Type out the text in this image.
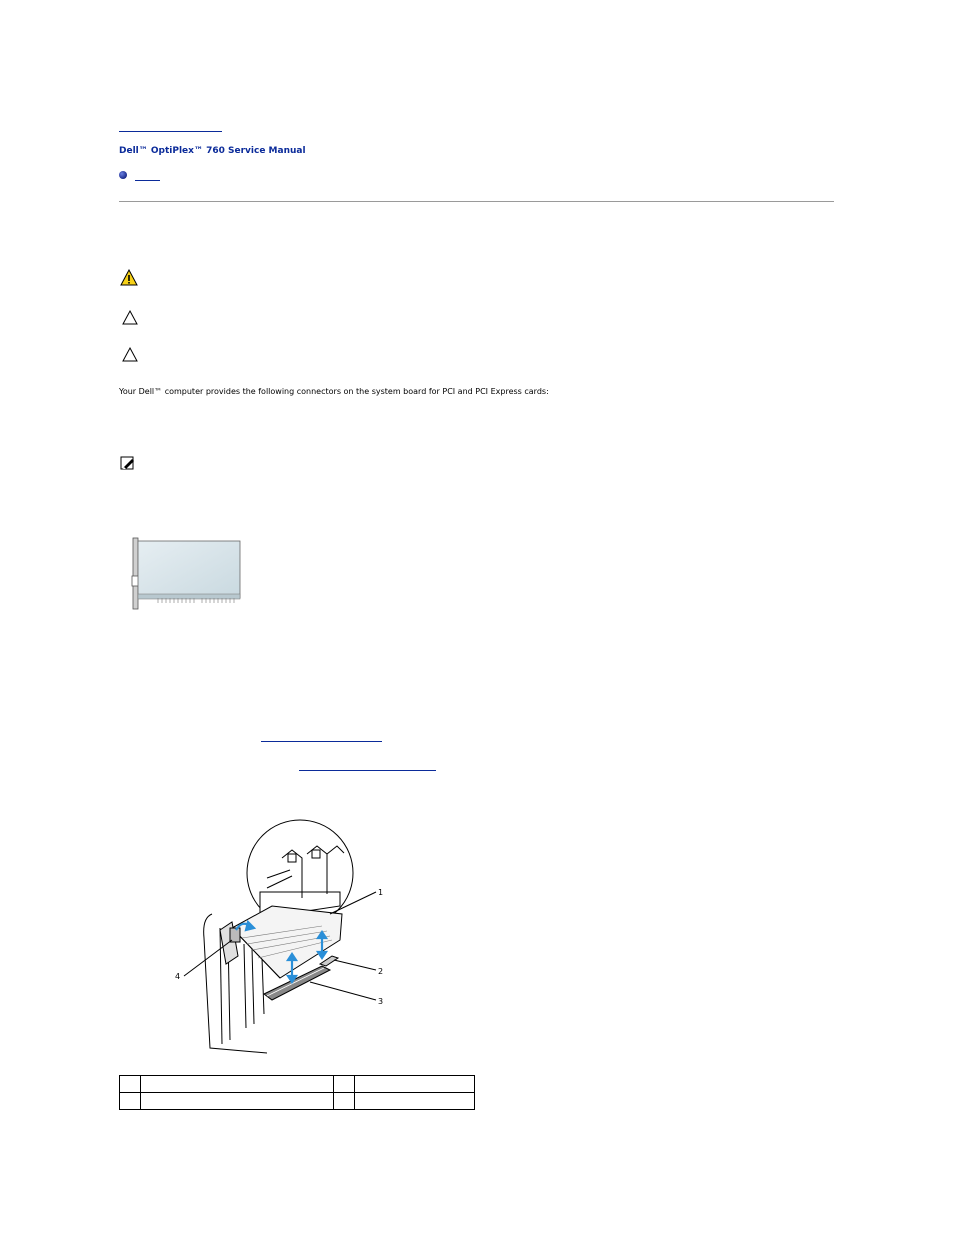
Dell™ OptiPlex™ 760 Service Manual
Your Dell™ computer provides the following connectors on the system board for PCI and PCI Express cards:
1
2
3
4
